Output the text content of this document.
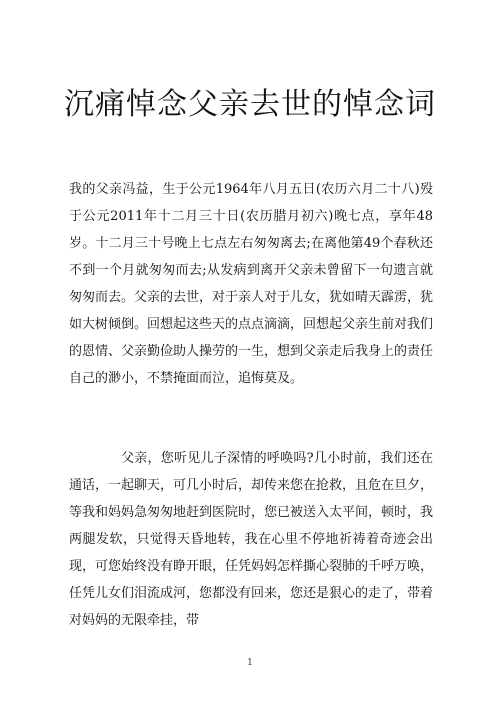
沉痛悼念父亲去世的悼念词

我的父亲冯益，生于公元1964年八月五日(农历六月二十八)殁于公元2011年十二月三十日(农历腊月初六)晚七点，享年48岁。十二月三十号晚上七点左右匆匆离去;在离他第49个春秋还不到一个月就匆匆而去;从发病到离开父亲未曾留下一句遗言就匆匆而去。父亲的去世，对于亲人对于儿女，犹如晴天霹雳，犹如大树倾倒。回想起这些天的点点滴滴，回想起父亲生前对我们的恩情、父亲勤俭助人操劳的一生，想到父亲走后我身上的责任自己的渺小，不禁掩面而泣，追悔莫及。

父亲，您听见儿子深情的呼唤吗?几小时前，我们还在通话，一起聊天，可几小时后，却传来您在抢救，且危在旦夕，等我和妈妈急匆匆地赶到医院时，您已被送入太平间，顿时，我两腿发软，只觉得天昏地转，我在心里不停地祈祷着奇迹会出现，可您始终没有睁开眼，任凭妈妈怎样撕心裂肺的千呼万唤，任凭儿女们泪流成河，您都没有回来，您还是狠心的走了，带着对妈妈的无限牵挂，带

1
